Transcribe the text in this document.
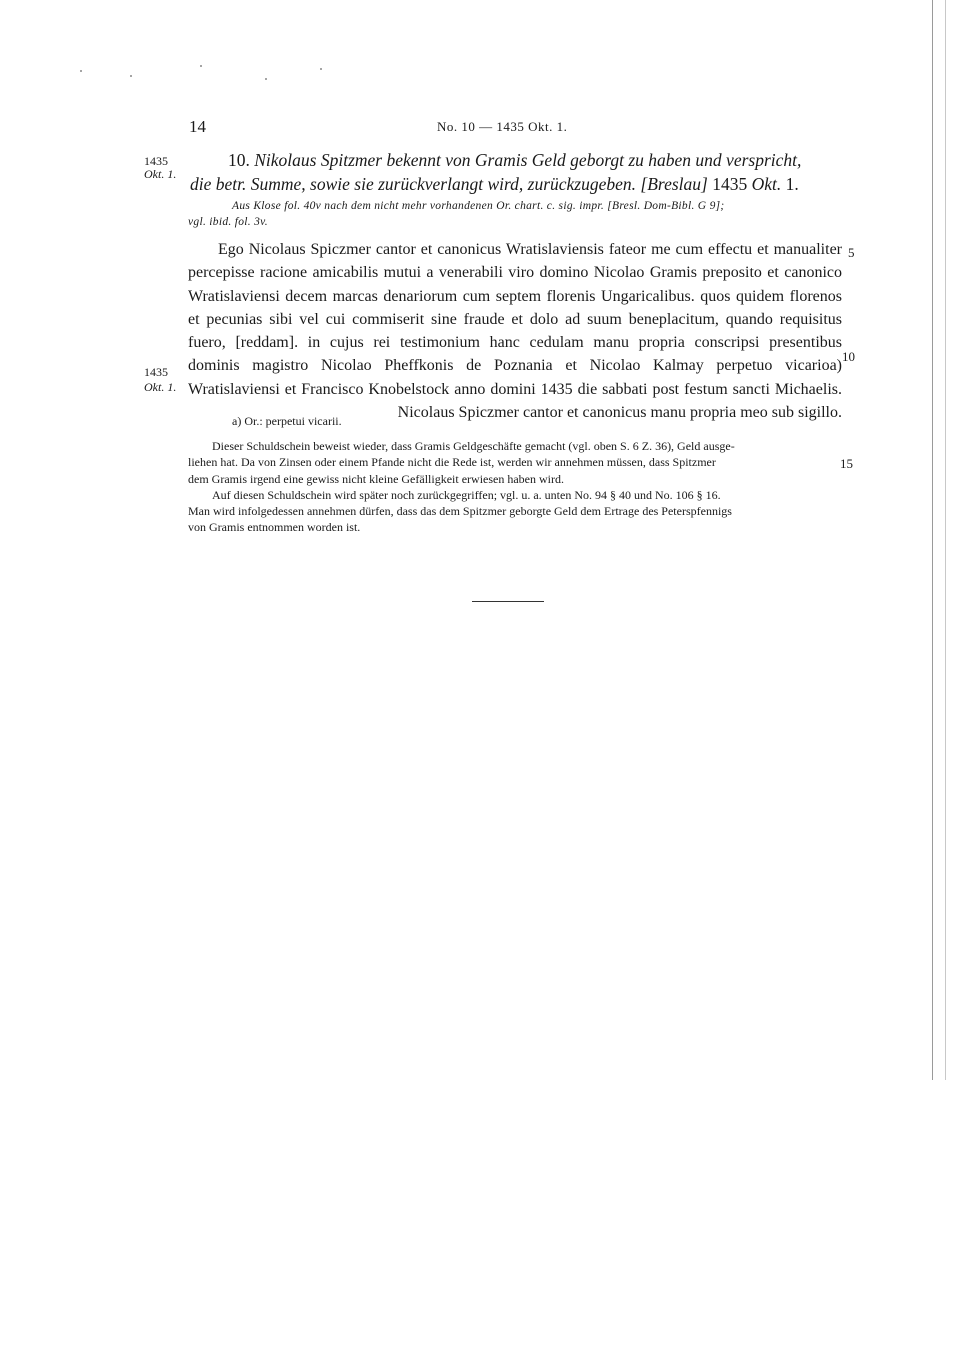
14	No. 10 — 1435 Okt. 1.
1435
Okt. 1.
1435
Okt. 1.
5
10
15
10. Nikolaus Spitzmer bekennt von Gramis Geld geborgt zu haben und verspricht,
die betr. Summe, sowie sie zurückverlangt wird, zurückzugeben. [Breslau] 1435 Okt. 1.
Aus Klose fol. 40v nach dem nicht mehr vorhandenen Or. chart. c. sig. impr. [Bresl. Dom-Bibl. G 9];
vgl. ibid. fol. 3v.
Ego Nicolaus Spiczmer cantor et canonicus Wratislaviensis fateor me cum effectu et manualiter
percepisse racione amicabilis mutui a venerabili viro domino Nicolao Gramis preposito et canonico
Wratislaviensi decem marcas denariorum cum septem florenis Ungaricalibus. quos quidem florenos
et pecunias sibi vel cui commiserit sine fraude et dolo ad suum beneplacitum, quando requisitus
fuero, [reddam]. in cujus rei testimonium hanc cedulam manu propria conscripsi presentibus
dominis magistro Nicolao Pheffkonis de Poznania et Nicolao Kalmay perpetuo vicarioa)
Wratislaviensi et Francisco Knobelstock anno domini 1435 die sabbati post festum sancti Michaelis.
Nicolaus Spiczmer cantor et canonicus manu propria meo sub sigillo.
a) Or.: perpetui vicarii.

Dieser Schuldschein beweist wieder, dass Gramis Geldgeschäfte gemacht (vgl. oben S. 6 Z. 36), Geld ausge-

liehen hat. Da von Zinsen oder einem Pfande nicht die Rede ist, werden wir annehmen müssen, dass Spitzmer

dem Gramis irgend eine gewiss nicht kleine Gefälligkeit erwiesen haben wird.

Auf diesen Schuldschein wird später noch zurückgegriffen; vgl. u. a. unten No. 94 § 40 und No. 106 § 16.

Man wird infolgedessen annehmen dürfen, dass das dem Spitzmer geborgte Geld dem Ertrage des Peterspfennigs

von Gramis entnommen worden ist.
